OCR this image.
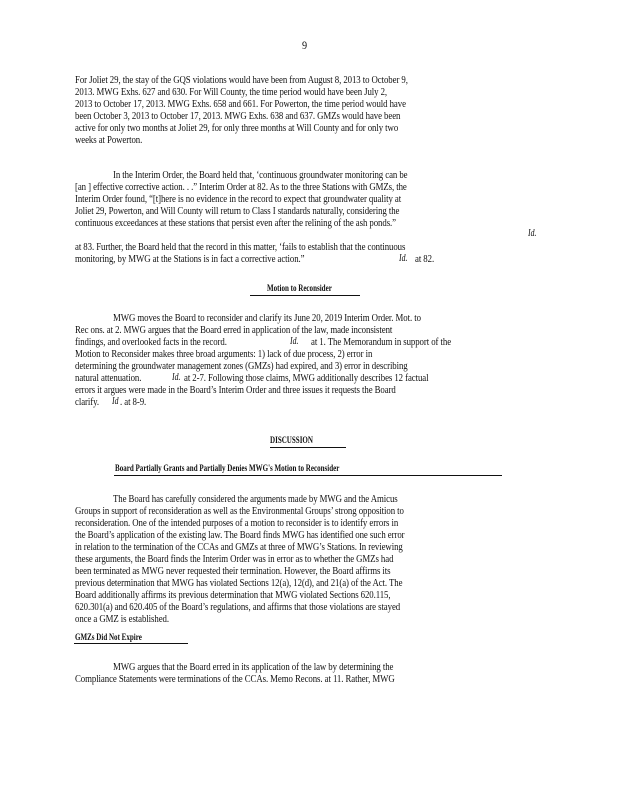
9
For Joliet 29, the stay of the GQS violations would have been from August 8, 2013 to October 9,
2013. MWG Exhs. 627 and 630. For Will County, the time period would have been July 2,
2013 to October 17, 2013. MWG Exhs. 658 and 661. For Powerton, the time period would have
been October 3, 2013 to October 17, 2013. MWG Exhs. 638 and 637. GMZs would have been
active for only two months at Joliet 29, for only three months at Will County and for only two
weeks at Powerton.
In the Interim Order, the Board held that, ‘continuous groundwater monitoring can be
[an ] effective corrective action. . .” Interim Order at 82. As to the three Stations with GMZs, the
Interim Order found, “[t]here is no evidence in the record to expect that groundwater quality at
Joliet 29, Powerton, and Will County will return to Class I standards naturally, considering the
continuous exceedances at these stations that persist even after the relining of the ash ponds.”
Id.
at 83. Further, the Board held that the record in this matter, ‘fails to establish that the continuous
monitoring, by MWG at the Stations is in fact a corrective action.”	Id. at 82.
Motion to Reconsider
MWG moves the Board to reconsider and clarify its June 20, 2019 Interim Order. Mot. to
Rec ons. at 2. MWG argues that the Board erred in application of the law, made inconsistent
findings, and overlooked facts in the record.	Id. at 1. The Memorandum in support of the
Motion to Reconsider makes three broad arguments: 1) lack of due process, 2) error in
determining the groundwater management zones (GMZs) had expired, and 3) error in describing
natural attenuation.	Id. at 2-7. Following those claims, MWG additionally describes 12 factual
errors it argues were made in the Board’s Interim Order and three issues it requests the Board
clarify. Id . at 8-9.
DISCUSSION
Board Partially Grants and Partially Denies MWG's Motion to Reconsider
The Board has carefully considered the arguments made by MWG and the Amicus
Groups in support of reconsideration as well as the Environmental Groups’ strong opposition to
reconsideration. One of the intended purposes of a motion to reconsider is to identify errors in
the Board’s application of the existing law. The Board finds MWG has identified one such error
in relation to the termination of the CCAs and GMZs at three of MWG’s Stations. In reviewing
these arguments, the Board finds the Interim Order was in error as to whether the GMZs had
been terminated as MWG never requested their termination. However, the Board affirms its
previous determination that MWG has violated Sections 12(a), 12(d), and 21(a) of the Act. The
Board additionally affirms its previous determination that MWG violated Sections 620.115,
620.301(a) and 620.405 of the Board’s regulations, and affirms that those violations are stayed
once a GMZ is established.
GMZs Did Not Expire
MWG argues that the Board erred in its application of the law by determining the
Compliance Statements were terminations of the CCAs. Memo Recons. at 11. Rather, MWG
